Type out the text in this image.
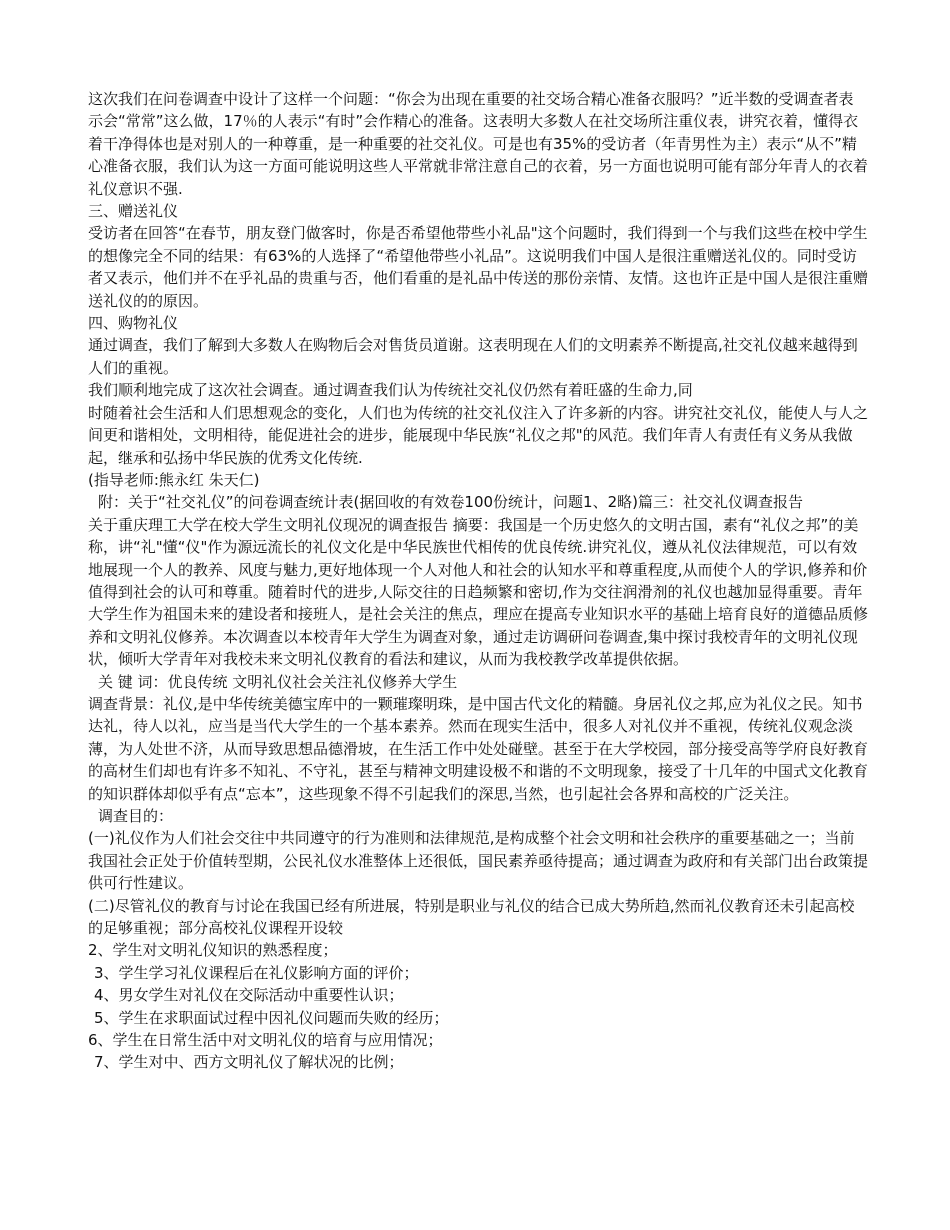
这次我们在问卷调查中设计了这样一个问题：“你会为出现在重要的社交场合精心准备衣服吗？”近半数的受调查者表示会“常常”这么做，17％的人表示“有时”会作精心的准备。这表明大多数人在社交场所注重仪表，讲究衣着，懂得衣着干净得体也是对别人的一种尊重，是一种重要的社交礼仪。可是也有35%的受访者（年青男性为主）表示“从不”精心准备衣服，我们认为这一方面可能说明这些人平常就非常注意自己的衣着，另一方面也说明可能有部分年青人的衣着礼仪意识不强.

三、赠送礼仪

受访者在回答“在春节，朋友登门做客时，你是否希望他带些小礼品"这个问题时，我们得到一个与我们这些在校中学生的想像完全不同的结果：有63%的人选择了“希望他带些小礼品”。这说明我们中国人是很注重赠送礼仪的。同时受访者又表示，他们并不在乎礼品的贵重与否，他们看重的是礼品中传送的那份亲情、友情。这也许正是中国人是很注重赠送礼仪的的原因。

四、购物礼仪

通过调查，我们了解到大多数人在购物后会对售货员道谢。这表明现在人们的文明素养不断提高,社交礼仪越来越得到人们的重视。

我们顺利地完成了这次社会调查。通过调查我们认为传统社交礼仪仍然有着旺盛的生命力,同

时随着社会生活和人们思想观念的变化，人们也为传统的社交礼仪注入了许多新的内容。讲究社交礼仪，能使人与人之间更和谐相处，文明相待，能促进社会的进步，能展现中华民族“礼仪之邦"的风范。我们年青人有责任有义务从我做起，继承和弘扬中华民族的优秀文化传统.

(指导老师:熊永红 朱天仁)

附：关于“社交礼仪”的问卷调查统计表(据回收的有效卷100份统计，问题1、2略)篇三：社交礼仪调查报告

关于重庆理工大学在校大学生文明礼仪现况的调查报告 摘要：我国是一个历史悠久的文明古国，素有“礼仪之邦”的美称，讲“礼"懂“仪"作为源远流长的礼仪文化是中华民族世代相传的优良传统.讲究礼仪，遵从礼仪法律规范，可以有效地展现一个人的教养、风度与魅力,更好地体现一个人对他人和社会的认知水平和尊重程度,从而使个人的学识,修养和价值得到社会的认可和尊重。随着时代的进步,人际交往的日趋频繁和密切,作为交往润滑剂的礼仪也越加显得重要。青年大学生作为祖国未来的建设者和接班人，是社会关注的焦点，理应在提高专业知识水平的基础上培育良好的道德品质修养和文明礼仪修养。本次调查以本校青年大学生为调查对象，通过走访调研问卷调查,集中探讨我校青年的文明礼仪现状，倾听大学青年对我校未来文明礼仪教育的看法和建议，从而为我校教学改革提供依据。

关 键 词：优良传统 文明礼仪社会关注礼仪修养大学生

调查背景：礼仪,是中华传统美德宝库中的一颗璀璨明珠，是中国古代文化的精髓。身居礼仪之邦,应为礼仪之民。知书达礼，待人以礼，应当是当代大学生的一个基本素养。然而在现实生活中，很多人对礼仪并不重视，传统礼仪观念淡薄，为人处世不济，从而导致思想品德滑坡，在生活工作中处处碰壁。甚至于在大学校园，部分接受高等学府良好教育的高材生们却也有许多不知礼、不守礼，甚至与精神文明建设极不和谐的不文明现象，接受了十几年的中国式文化教育的知识群体却似乎有点“忘本”，这些现象不得不引起我们的深思,当然，也引起社会各界和高校的广泛关注。

调查目的：

(一)礼仪作为人们社会交往中共同遵守的行为准则和法律规范,是构成整个社会文明和社会秩序的重要基础之一；当前我国社会正处于价值转型期，公民礼仪水准整体上还很低，国民素养亟待提高；通过调查为政府和有关部门出台政策提供可行性建议。

(二)尽管礼仪的教育与讨论在我国已经有所进展，特别是职业与礼仪的结合已成大势所趋,然而礼仪教育还未引起高校的足够重视；部分高校礼仪课程开设较

2、学生对文明礼仪知识的熟悉程度；

3、学生学习礼仪课程后在礼仪影响方面的评价；

4、男女学生对礼仪在交际活动中重要性认识；

5、学生在求职面试过程中因礼仪问题而失败的经历；

6、学生在日常生活中对文明礼仪的培育与应用情况；

7、学生对中、西方文明礼仪了解状况的比例；
